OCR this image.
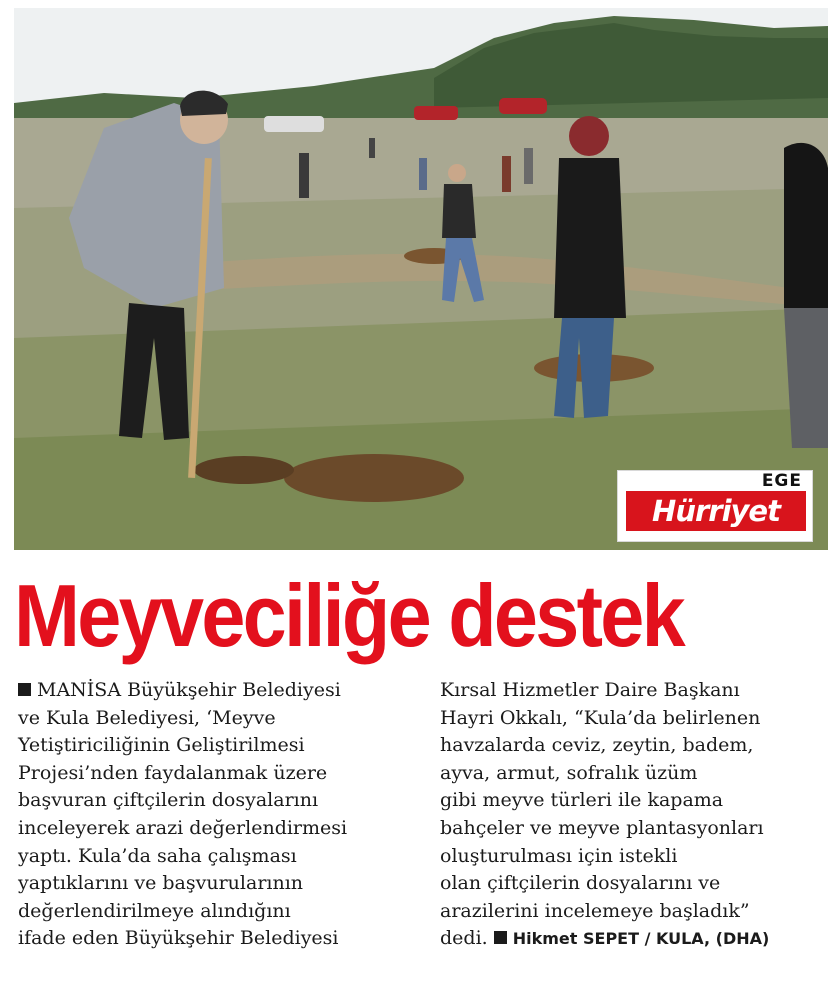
EGE
Hürriyet
Meyveciliğe destek

MANİSA Büyükşehir Belediyesi
ve Kula Belediyesi, ‘Meyve
Yetiştiriciliğinin Geliştirilmesi
Projesi’nden faydalanmak üzere
başvuran çiftçilerin dosyalarını
inceleyerek arazi değerlendirmesi
yaptı. Kula’da saha çalışması
yaptıklarını ve başvurularının
değerlendirilmeye alındığını
ifade eden Büyükşehir Belediyesi

Kırsal Hizmetler Daire Başkanı
Hayri Okkalı, “Kula’da belirlenen
havzalarda ceviz, zeytin, badem,
ayva, armut, sofralık üzüm
gibi meyve türleri ile kapama
bahçeler ve meyve plantasyonları
oluşturulması için istekli
olan çiftçilerin dosyalarını ve
arazilerini incelemeye başladık”
dedi. Hikmet SEPET / KULA, (DHA)
